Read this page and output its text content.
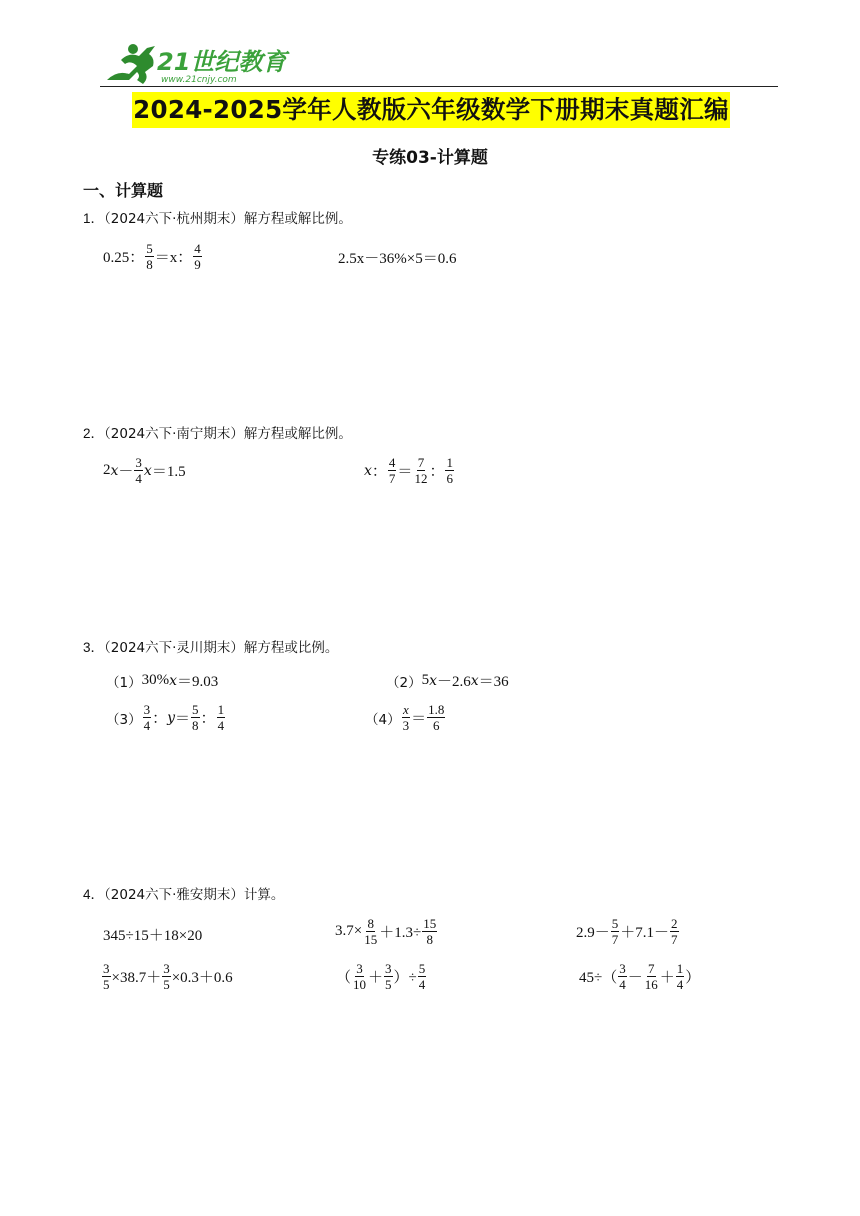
21世纪教育
www.21cnjy.com
2024-2025学年人教版六年级数学下册期末真题汇编
专练03-计算题
一、计算题
1．（2024六下·杭州期末）解方程或解比例。
0.25： $\frac{5}{8} =x$： $\frac{4}{9}$	2.5x－36%×5＝0.6
2．（2024六下·南宁期末）解方程或解比例。
2 $x - \frac{3}{4}$ x ＝1.5	x ： $\frac{4}{7} = \frac{7}{12}$ ： $\frac{1}{6}$
3．（2024六下·灵川期末）解方程或比例。
（1） 30% x ＝9.03	（2） 5 x －2.6 x ＝36
$(3) \frac{3}{4}$ ： $y = \frac{5}{8}$ ： $\frac{1}{4}$	$(4) \frac{x}{3} = \frac{1.8}{6}$
4．（2024六下·雅安期末）计算。
345÷15＋18×20	$3.7\times \frac{8}{15} +1.3\div \frac{15}{8}$	$2.9- \frac{5}{7} +7.1- \frac{2}{7}$
$\frac{3}{5} \times 38.7+ \frac{3}{5} \times 0.3+0.6$	（ $\frac{3}{10} + \frac{3}{5}$ ）÷ $\frac{5}{4}$	$45\div( \frac{3}{4} - \frac{7}{16} + \frac{1}{4}$ ）
